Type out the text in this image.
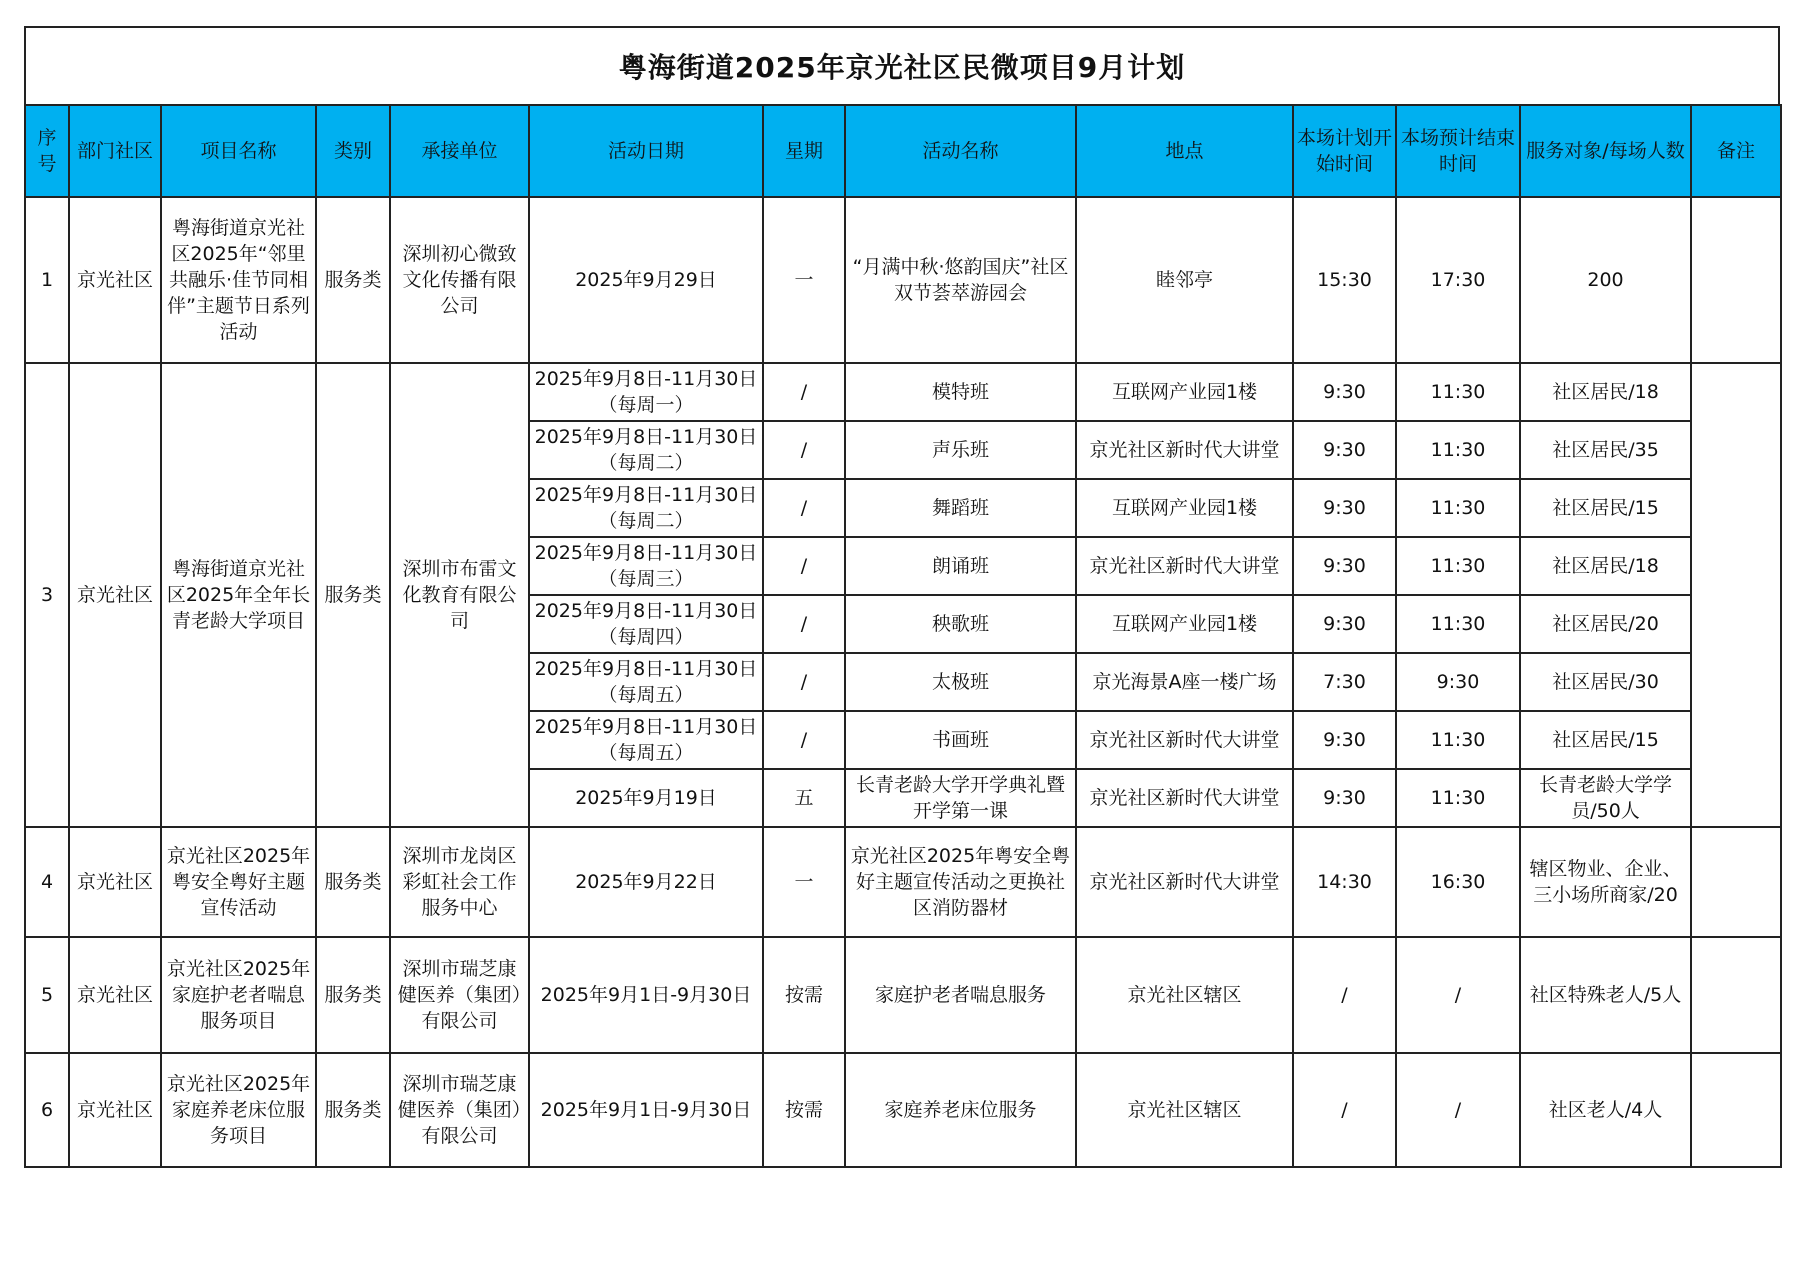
粤海街道2025年京光社区民微项目9月计划
序号	部门社区	项目名称	类别	承接单位	活动日期	星期	活动名称	地点	本场计划开始时间	本场预计结束时间	服务对象/每场人数	备注
1	京光社区	粤海街道京光社区2025年“邻里共融乐·佳节同相伴”主题节日系列活动	服务类	深圳初心微致文化传播有限公司	2025年9月29日	一	“月满中秋·悠韵国庆”社区双节荟萃游园会	睦邻亭	15:30	17:30	200	
3	京光社区	粤海街道京光社区2025年全年长青老龄大学项目	服务类	深圳市布雷文化教育有限公司	2025年9月8日-11月30日（每周一）	/	模特班	互联网产业园1楼	9:30	11:30	社区居民/18	
					2025年9月8日-11月30日（每周二）	/	声乐班	京光社区新时代大讲堂	9:30	11:30	社区居民/35	
					2025年9月8日-11月30日（每周二）	/	舞蹈班	互联网产业园1楼	9:30	11:30	社区居民/15	
					2025年9月8日-11月30日（每周三）	/	朗诵班	京光社区新时代大讲堂	9:30	11:30	社区居民/18	
					2025年9月8日-11月30日（每周四）	/	秧歌班	互联网产业园1楼	9:30	11:30	社区居民/20	
					2025年9月8日-11月30日（每周五）	/	太极班	京光海景A座一楼广场	7:30	9:30	社区居民/30	
					2025年9月8日-11月30日（每周五）	/	书画班	京光社区新时代大讲堂	9:30	11:30	社区居民/15	
					2025年9月19日	五	长青老龄大学开学典礼暨开学第一课	京光社区新时代大讲堂	9:30	11:30	长青老龄大学学员/50人	
4	京光社区	京光社区2025年粤安全粤好主题宣传活动	服务类	深圳市龙岗区彩虹社会工作服务中心	2025年9月22日	一	京光社区2025年粤安全粤好主题宣传活动之更换社区消防器材	京光社区新时代大讲堂	14:30	16:30	辖区物业、企业、三小场所商家/20	
5	京光社区	京光社区2025年家庭护老者喘息服务项目	服务类	深圳市瑞芝康健医养（集团）有限公司	2025年9月1日-9月30日	按需	家庭护老者喘息服务	京光社区辖区	/	/	社区特殊老人/5人	
6	京光社区	京光社区2025年家庭养老床位服务项目	服务类	深圳市瑞芝康健医养（集团）有限公司	2025年9月1日-9月30日	按需	家庭养老床位服务	京光社区辖区	/	/	社区老人/4人	
